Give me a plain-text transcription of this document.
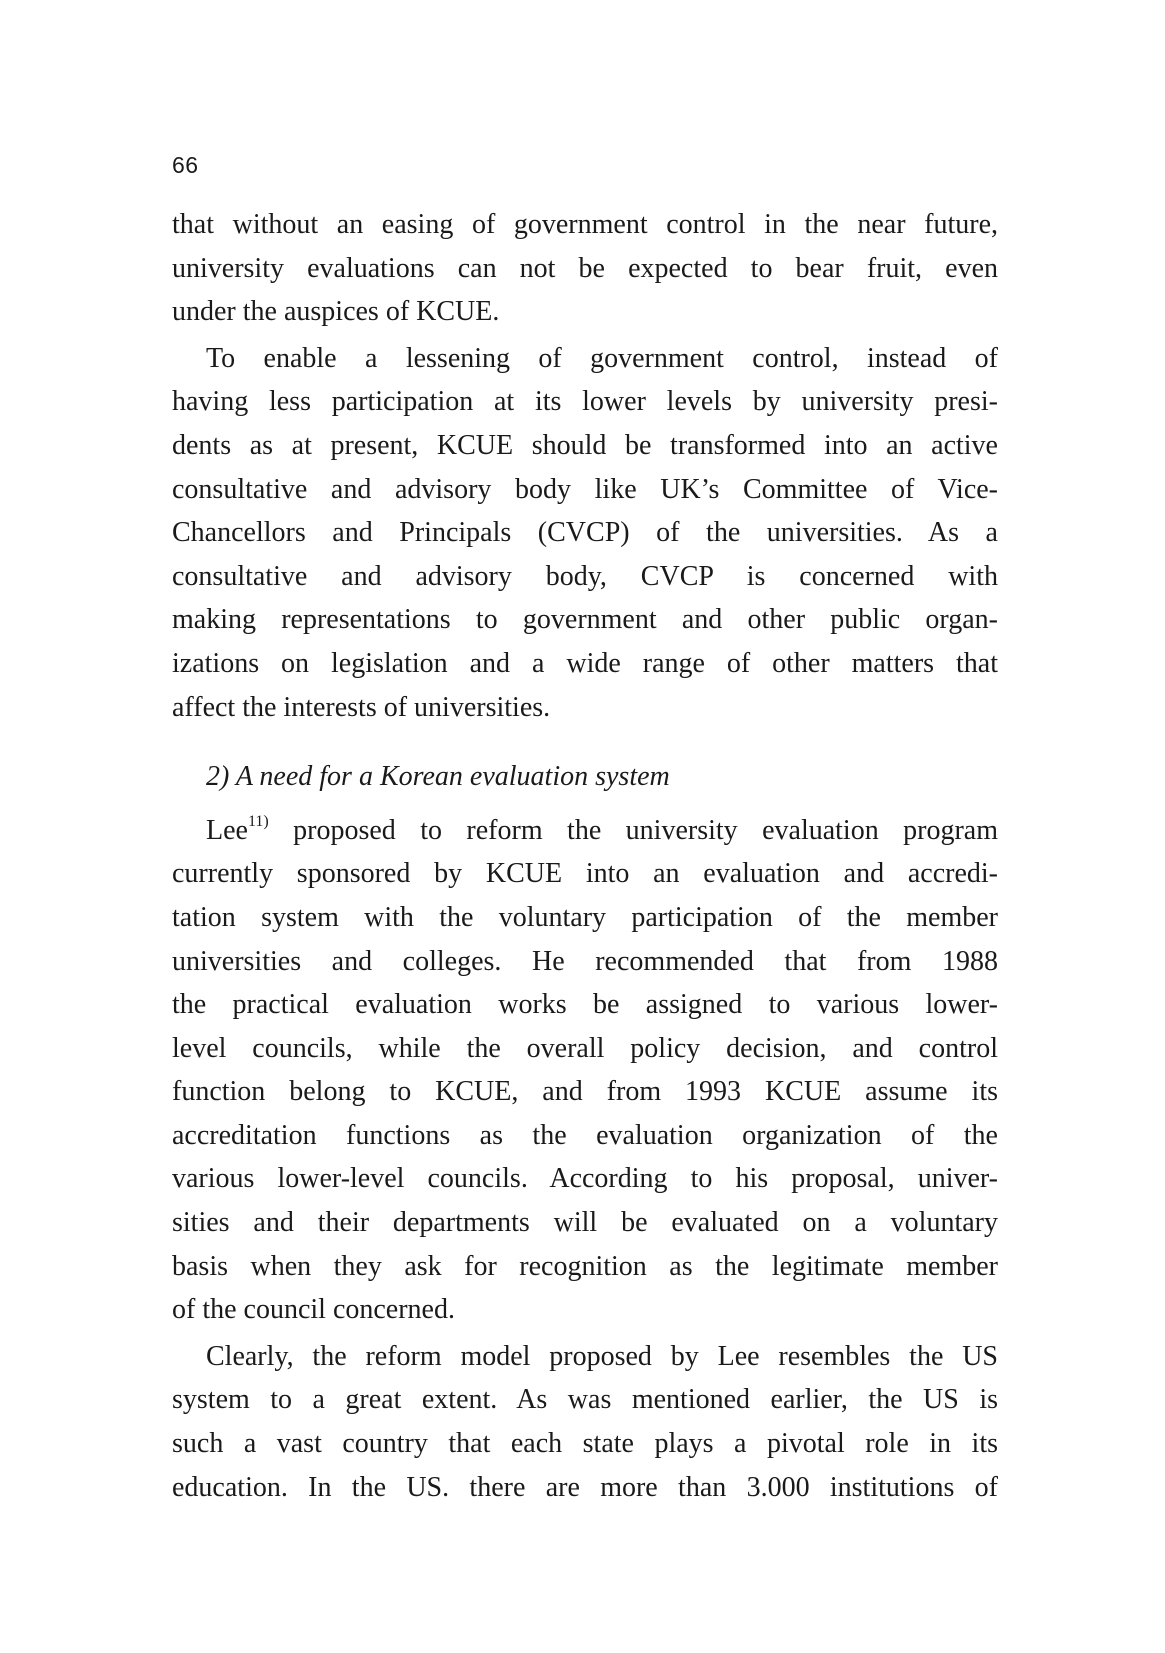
66
that without an easing of government control in the near future,
university evaluations can not be expected to bear fruit, even
under the auspices of KCUE.
To enable a lessening of government control, instead of
having less participation at its lower levels by university presi-
dents as at present, KCUE should be transformed into an active
consultative and advisory body like UK’s Committee of Vice-
Chancellors and Principals (CVCP) of the universities. As a
consultative and advisory body, CVCP is concerned with
making representations to government and other public organ-
izations on legislation and a wide range of other matters that
affect the interests of universities.
2) A need for a Korean evaluation system
Lee$^{11)}$ proposed to reform the university evaluation program
currently sponsored by KCUE into an evaluation and accredi-
tation system with the voluntary participation of the member
universities and colleges. He recommended that from 1988
the practical evaluation works be assigned to various lower-
level councils, while the overall policy decision, and control
function belong to KCUE, and from 1993 KCUE assume its
accreditation functions as the evaluation organization of the
various lower-level councils. According to his proposal, univer-
sities and their departments will be evaluated on a voluntary
basis when they ask for recognition as the legitimate member
of the council concerned.
Clearly, the reform model proposed by Lee resembles the US
system to a great extent. As was mentioned earlier, the US is
such a vast country that each state plays a pivotal role in its
education. In the US. there are more than 3.000 institutions of
